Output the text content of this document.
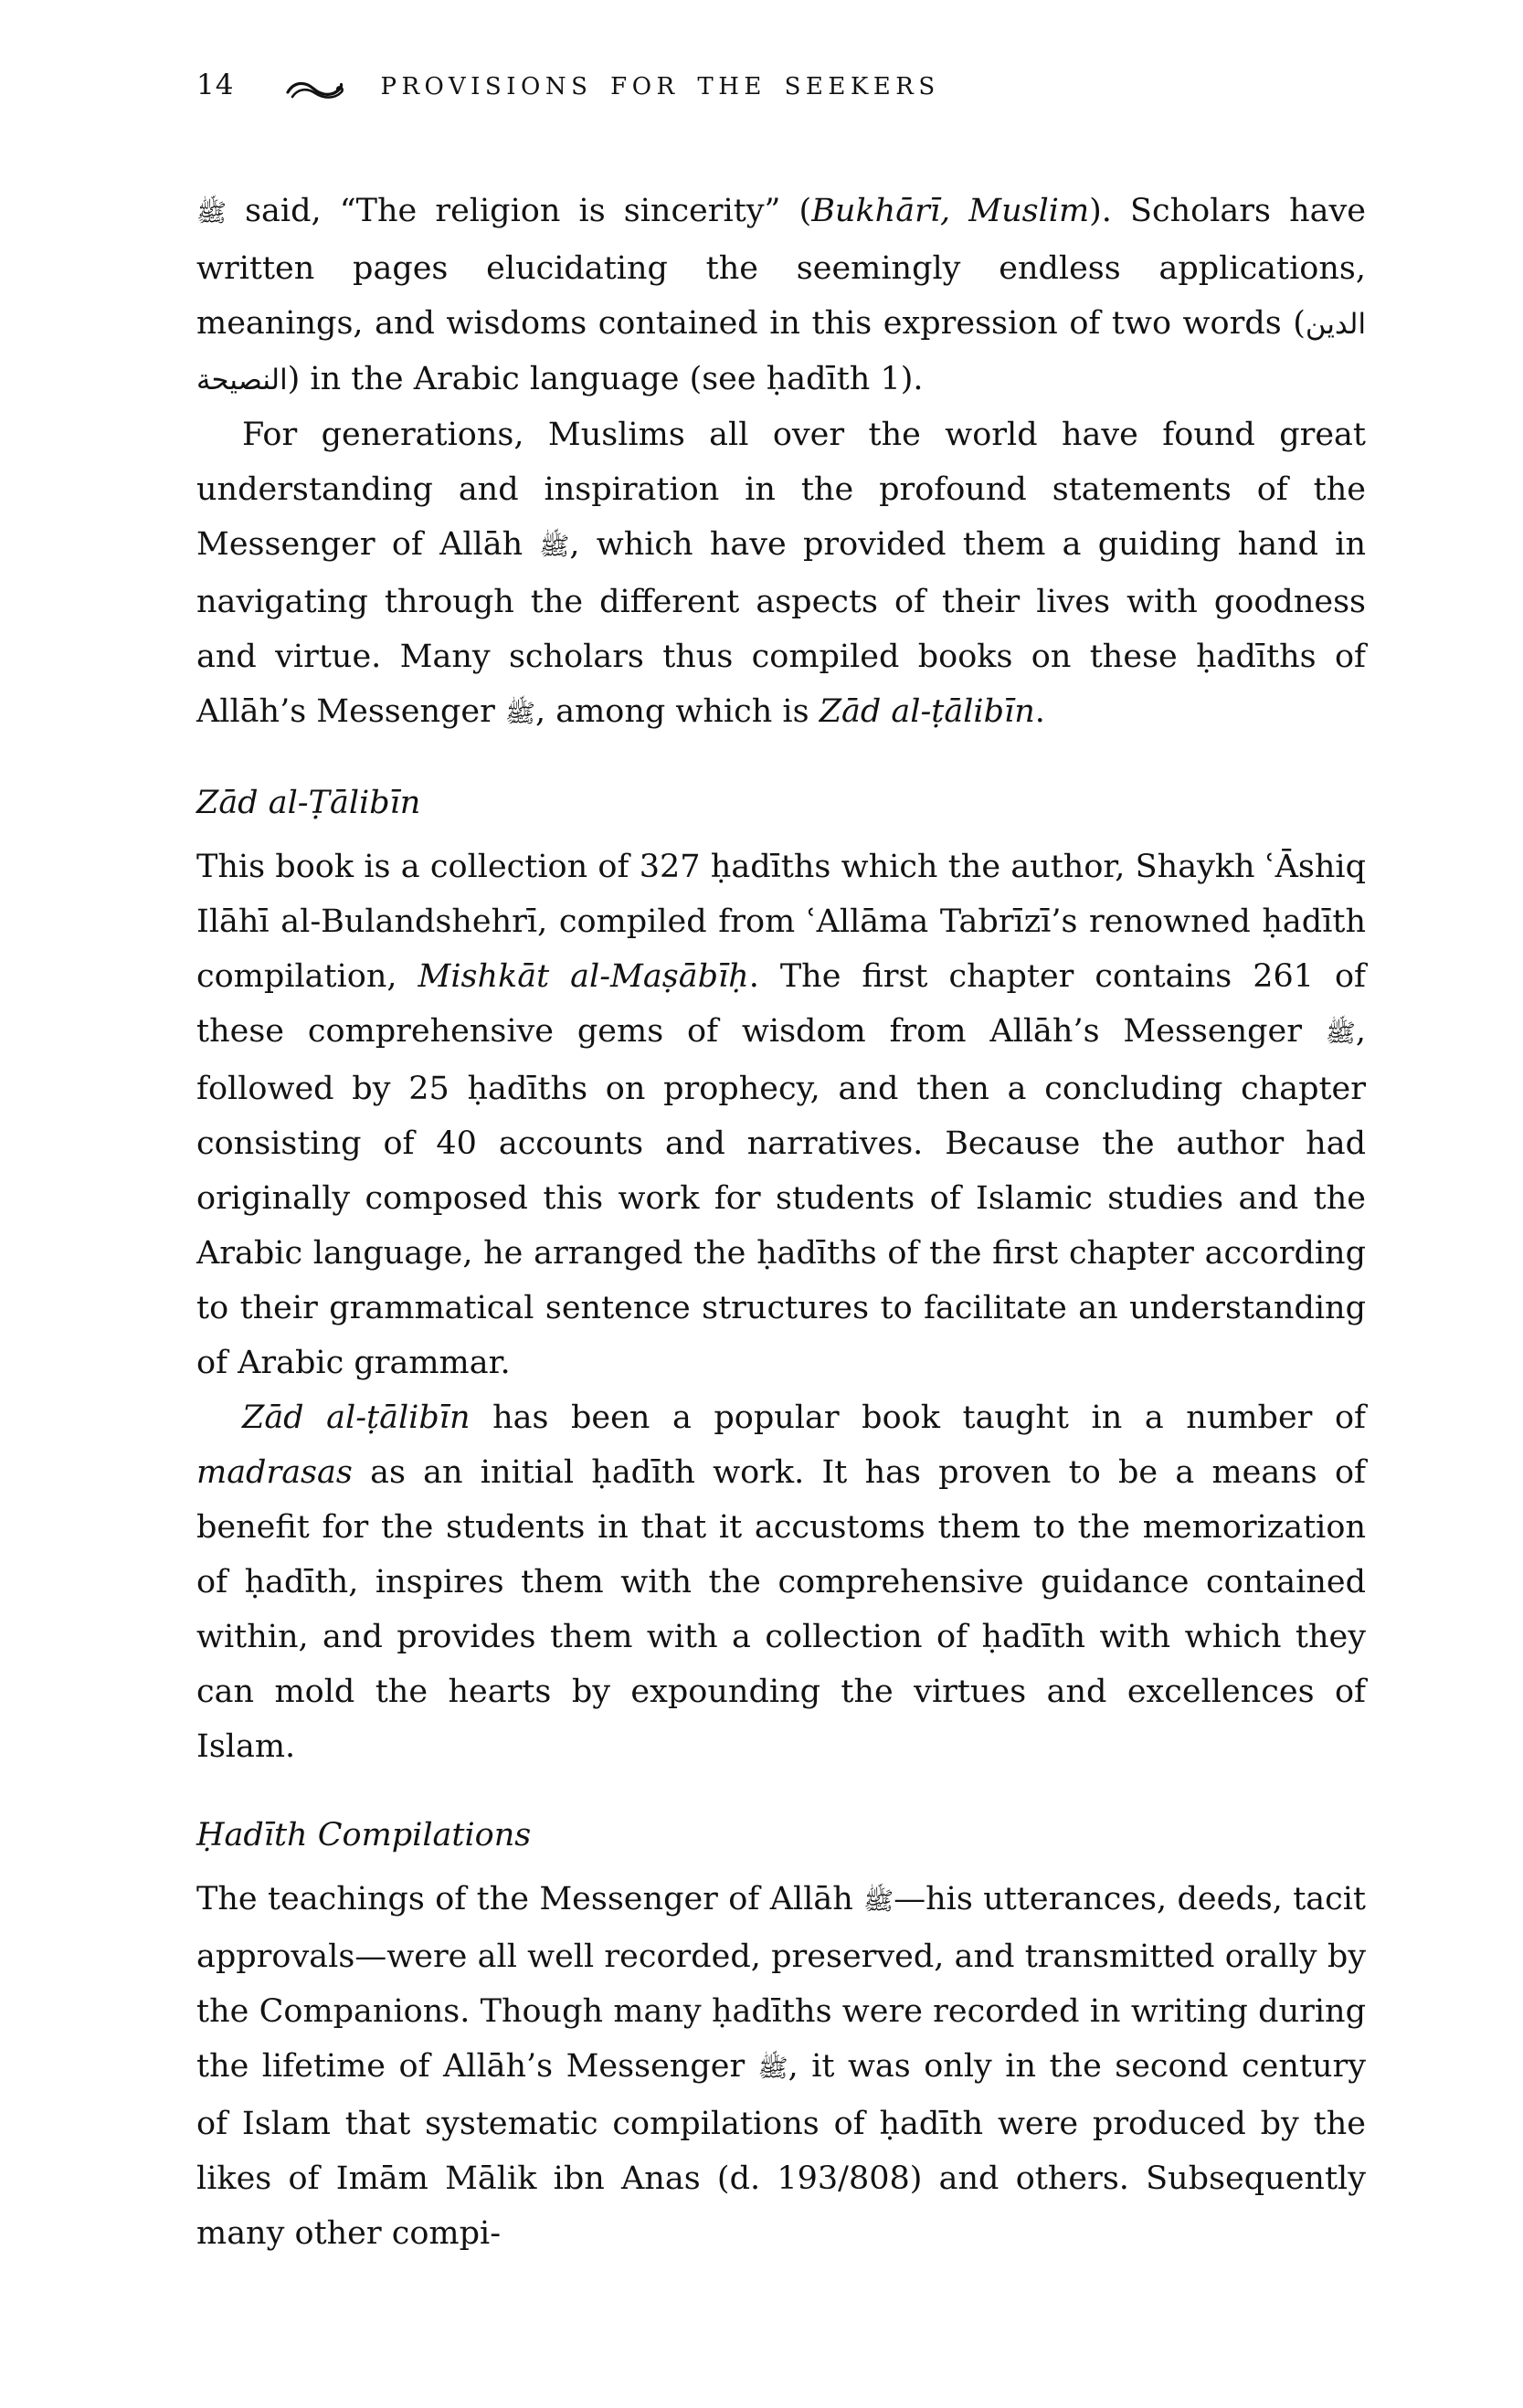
14	PROVISIONS FOR THE SEEKERS

ﷺ said, “The religion is sincerity” (Bukhārī, Muslim). Scholars have written pages elucidating the seemingly endless applications, meanings, and wisdoms contained in this expression of two words (الدين النصيحة) in the Arabic language (see ḥadīth 1).

For generations, Muslims all over the world have found great understanding and inspiration in the profound statements of the Messenger of Allāh ﷺ, which have provided them a guiding hand in navigating through the different aspects of their lives with goodness and virtue. Many scholars thus compiled books on these ḥadīths of Allāh’s Messenger ﷺ, among which is Zād al-ṭālibīn.

Zād al-Ṭālibīn

This book is a collection of 327 ḥadīths which the author, Shaykh ʿĀshiq Ilāhī al-Bulandshehrī, compiled from ʿAllāma Tabrīzī’s renowned ḥadīth compilation, Mishkāt al-Maṣābīḥ. The first chapter contains 261 of these comprehensive gems of wisdom from Allāh’s Messenger ﷺ, followed by 25 ḥadīths on prophecy, and then a concluding chapter consisting of 40 accounts and narratives. Because the author had originally composed this work for students of Islamic studies and the Arabic language, he arranged the ḥadīths of the first chapter according to their grammatical sentence structures to facilitate an understanding of Arabic grammar.

Zād al-ṭālibīn has been a popular book taught in a number of madrasas as an initial ḥadīth work. It has proven to be a means of benefit for the students in that it accustoms them to the memorization of ḥadīth, inspires them with the comprehensive guidance contained within, and provides them with a collection of ḥadīth with which they can mold the hearts by expounding the virtues and excellences of Islam.

Ḥadīth Compilations

The teachings of the Messenger of Allāh ﷺ—his utterances, deeds, tacit approvals—were all well recorded, preserved, and transmitted orally by the Companions. Though many ḥadīths were recorded in writing during the lifetime of Allāh’s Messenger ﷺ, it was only in the second century of Islam that systematic compilations of ḥadīth were produced by the likes of Imām Mālik ibn Anas (d. 193/808) and others. Subsequently many other compi-
